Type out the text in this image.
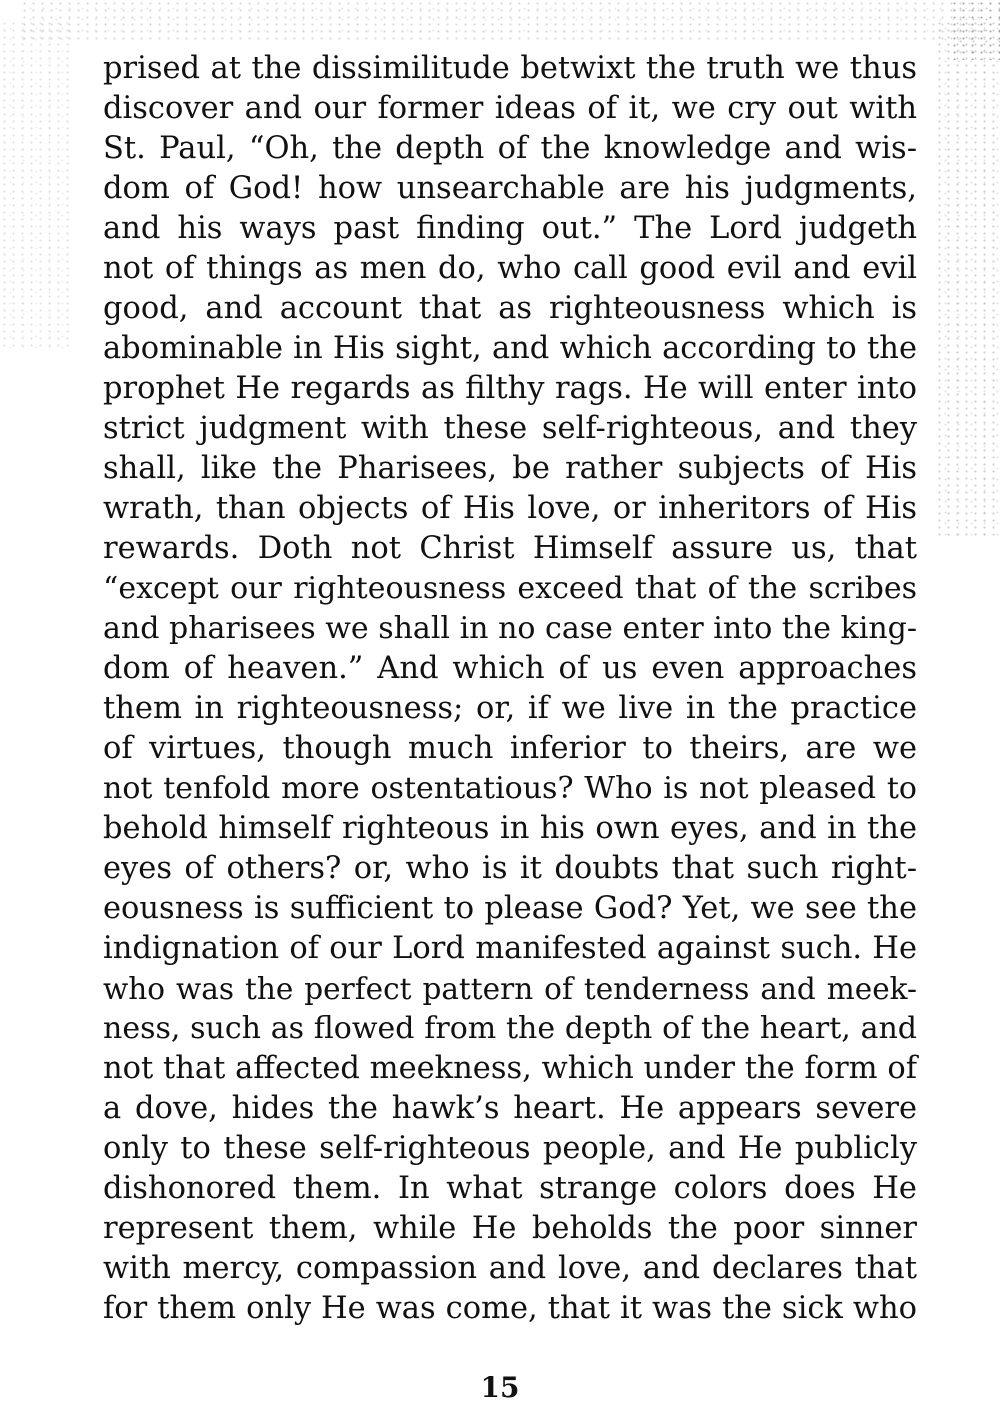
prised at the dissimilitude betwixt the truth we thus
discover and our former ideas of it, we cry out with
St. Paul, “Oh, the depth of the knowledge and wis-
dom of God! how unsearchable are his judgments,
and his ways past finding out.” The Lord judgeth
not of things as men do, who call good evil and evil
good, and account that as righteousness which is
abominable in His sight, and which according to the
prophet He regards as filthy rags. He will enter into
strict judgment with these self-righteous, and they
shall, like the Pharisees, be rather subjects of His
wrath, than objects of His love, or inheritors of His
rewards. Doth not Christ Himself assure us, that
“except our righteousness exceed that of the scribes
and pharisees we shall in no case enter into the king-
dom of heaven.” And which of us even approaches
them in righteousness; or, if we live in the practice
of virtues, though much inferior to theirs, are we
not tenfold more ostentatious? Who is not pleased to
behold himself righteous in his own eyes, and in the
eyes of others? or, who is it doubts that such right-
eousness is sufficient to please God? Yet, we see the
indignation of our Lord manifested against such. He
who was the perfect pattern of tenderness and meek-
ness, such as flowed from the depth of the heart, and
not that affected meekness, which under the form of
a dove, hides the hawk’s heart. He appears severe
only to these self-righteous people, and He publicly
dishonored them. In what strange colors does He
represent them, while He beholds the poor sinner
with mercy, compassion and love, and declares that
for them only He was come, that it was the sick who
15
